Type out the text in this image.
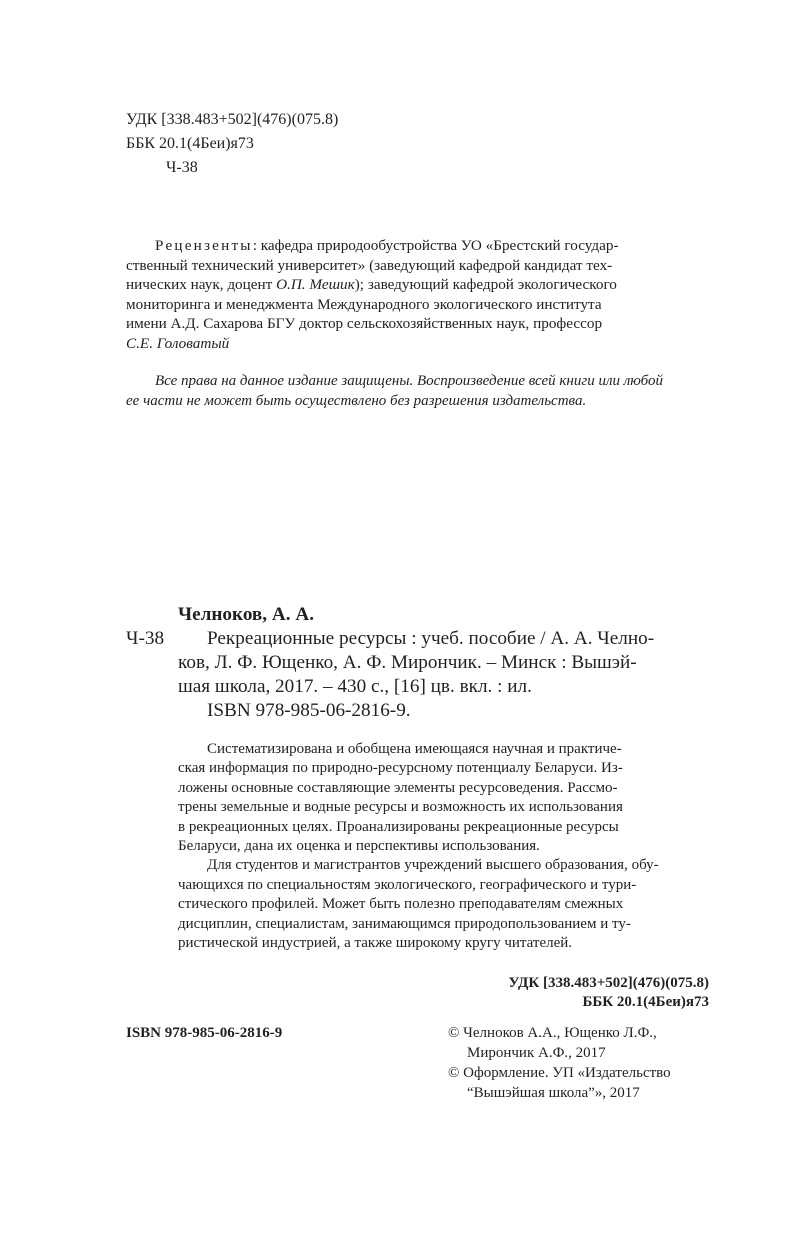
УДК [338.483+502](476)(075.8)
ББК 20.1(4Беи)я73
Ч-38
Рецензенты: кафедра природообустройства УО «Брестский государ-
ственный технический университет» (заведующий кафедрой кандидат тех-
нических наук, доцент О.П. Мешик); заведующий кафедрой экологического
мониторинга и менеджмента Международного экологического института
имени А.Д. Сахарова БГУ доктор сельскохозяйственных наук, профессор
С.Е. Головатый
Все права на данное издание защищены. Воспроизведение всей книги или любой
ее части не может быть осуществлено без разрешения издательства.
Челноков, А. А.
Ч-38 Рекреационные ресурсы : учеб. пособие / А. А. Челно-
ков, Л. Ф. Ющенко, А. Ф. Мирончик. – Минск : Вышэй-
шая школа, 2017. – 430 с., [16] цв. вкл. : ил.
ISBN 978-985-06-2816-9.
Систематизирована и обобщена имеющаяся научная и практиче-
ская информация по природно-ресурсному потенциалу Беларуси. Из-
ложены основные составляющие элементы ресурсоведения. Рассмо-
трены земельные и водные ресурсы и возможность их использования
в рекреационных целях. Проанализированы рекреационные ресурсы
Беларуси, дана их оценка и перспективы использования.
Для студентов и магистрантов учреждений высшего образования, обу-
чающихся по специальностям экологического, географического и тури-
стического профилей. Может быть полезно преподавателям смежных
дисциплин, специалистам, занимающимся природопользованием и ту-
ристической индустрией, а также широкому кругу читателей.
УДК [338.483+502](476)(075.8)
ББК 20.1(4Беи)я73
ISBN 978-985-06-2816-9	© Челноков А.А., Ющенко Л.Ф.,
Мирончик А.Ф., 2017
© Оформление. УП «Издательство
“Вышэйшая школа”», 2017
